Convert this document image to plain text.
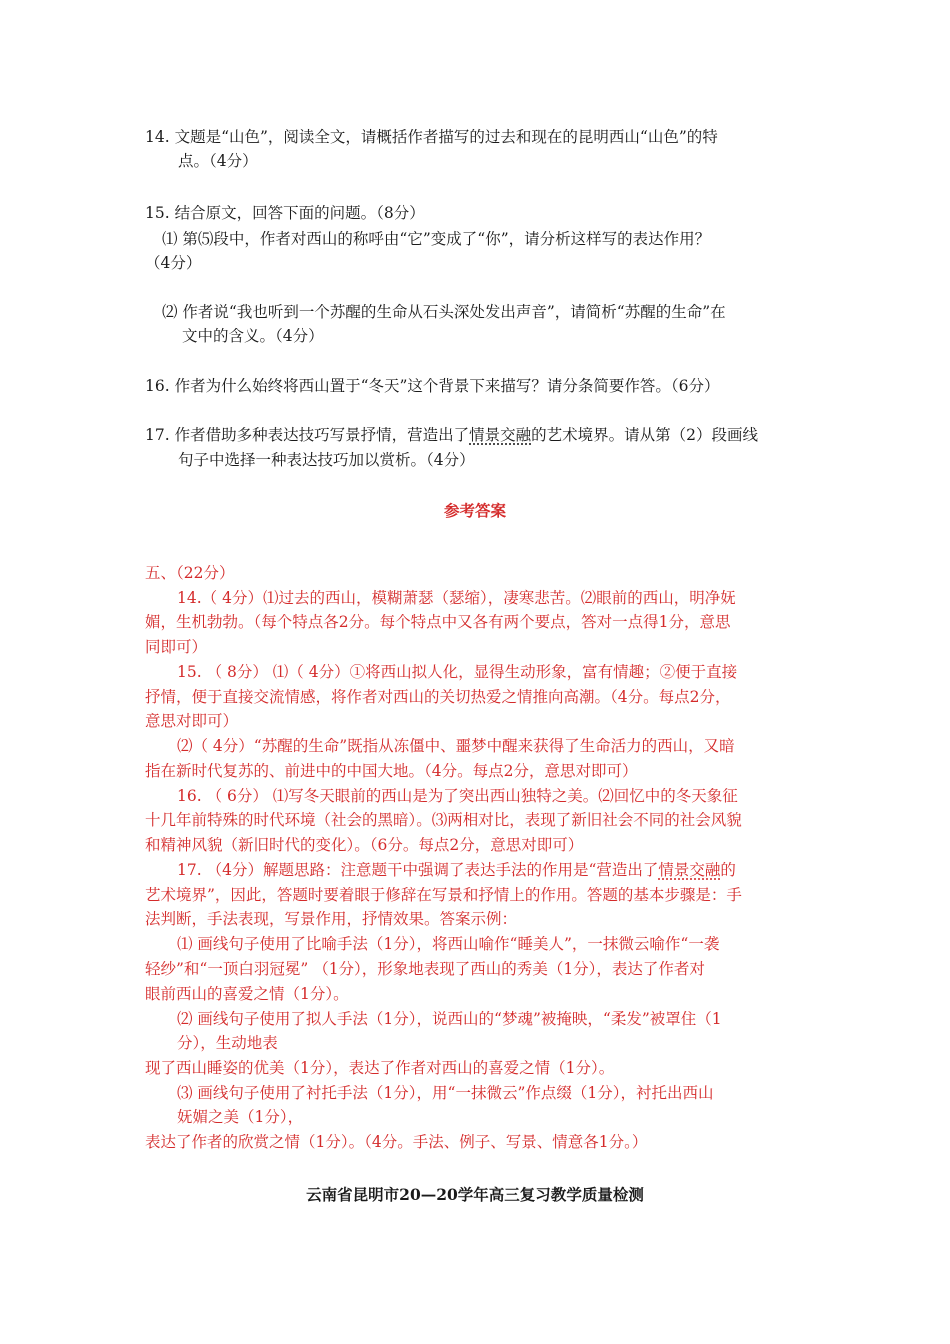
14. 文题是“山色”，阅读全文，请概括作者描写的过去和现在的昆明西山“山色”的特
点。（4分）
15. 结合原文，回答下面的问题。（8分）
⑴ 第⑸段中，作者对西山的称呼由“它”变成了“你”，请分析这样写的表达作用？
（4分）
⑵ 作者说“我也听到一个苏醒的生命从石头深处发出声音”，请简析“苏醒的生命”在
文中的含义。（4分）
16. 作者为什么始终将西山置于“冬天”这个背景下来描写？请分条简要作答。（6分）
17. 作者借助多种表达技巧写景抒情，营造出了情景交融的艺术境界。请从第（2）段画线
句子中选择一种表达技巧加以赏析。（4分）
参考答案
五、（22分）
14.（ 4分）⑴过去的西山，模糊萧瑟（瑟缩），凄寒悲苦。⑵眼前的西山，明净妩
媚，生机勃勃。（每个特点各2分。每个特点中又各有两个要点，答对一点得1分，意思
同即可）
15. （ 8分） ⑴（ 4分）①将西山拟人化，显得生动形象，富有情趣；②便于直接
抒情，便于直接交流情感，将作者对西山的关切热爱之情推向高潮。（4分。每点2分，
意思对即可）
⑵（ 4分）“苏醒的生命”既指从冻僵中、噩梦中醒来获得了生命活力的西山，又暗
指在新时代复苏的、前进中的中国大地。（4分。每点2分，意思对即可）
16. （ 6分） ⑴写冬天眼前的西山是为了突出西山独特之美。⑵回忆中的冬天象征
十几年前特殊的时代环境（社会的黑暗）。⑶两相对比，表现了新旧社会不同的社会风貌
和精神风貌（新旧时代的变化）。（6分。每点2分，意思对即可）
17. （4分）解题思路：注意题干中强调了表达手法的作用是“营造出了情景交融的
艺术境界”，因此，答题时要着眼于修辞在写景和抒情上的作用。答题的基本步骤是：手
法判断，手法表现，写景作用，抒情效果。答案示例：
⑴ 画线句子使用了比喻手法（1分），将西山喻作“睡美人”，一抹微云喻作“一袭
轻纱”和“一顶白羽冠冕” （1分），形象地表现了西山的秀美（1分），表达了作者对
眼前西山的喜爱之情（1分）。
⑵ 画线句子使用了拟人手法（1分），说西山的“梦魂”被掩映，“柔发”被罩住（1
分），生动地表
现了西山睡姿的优美（1分），表达了作者对西山的喜爱之情（1分）。
⑶ 画线句子使用了衬托手法（1分），用“一抹微云”作点缀（1分），衬托出西山
妩媚之美（1分），
表达了作者的欣赏之情（1分）。（4分。手法、例子、写景、情意各1分。）
云南省昆明市20—20学年高三复习教学质量检测
